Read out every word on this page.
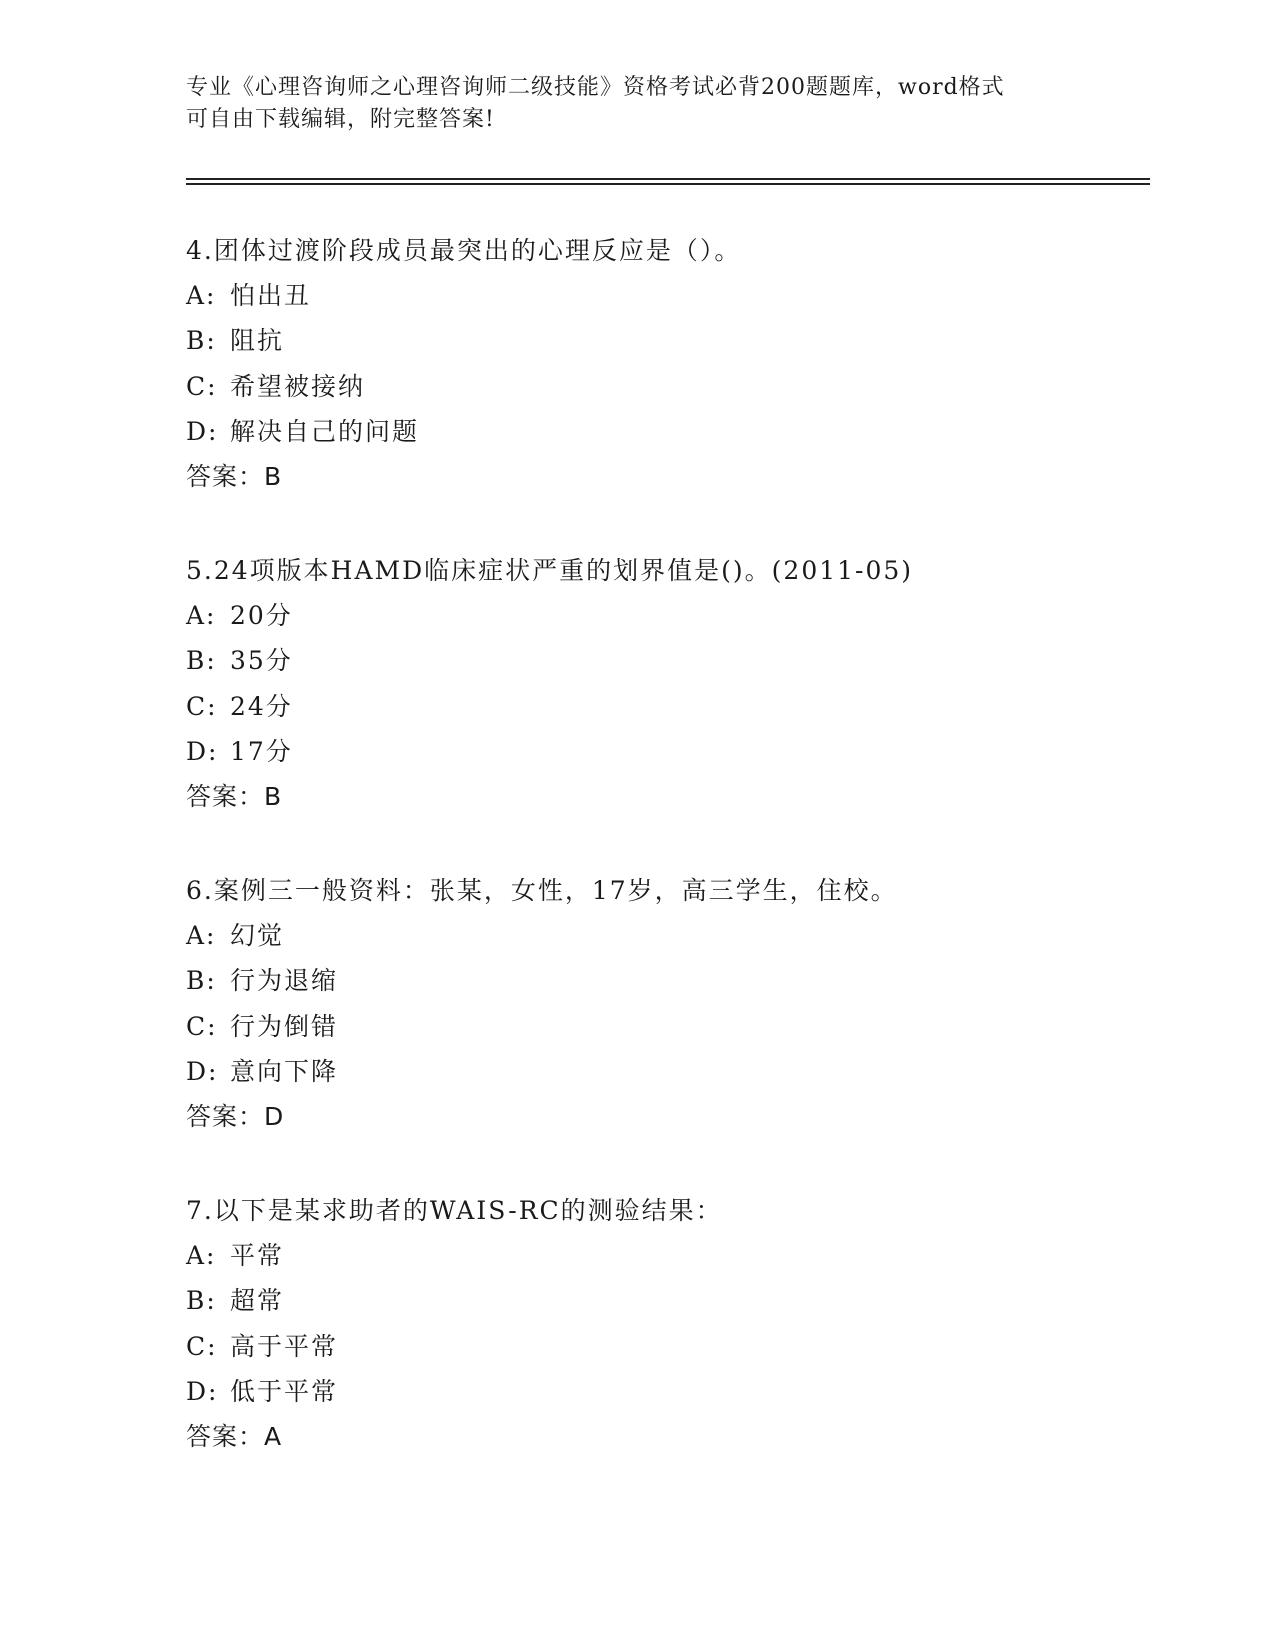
专业《心理咨询师之心理咨询师二级技能》资格考试必背200题题库，word格式
可自由下载编辑，附完整答案!
4.团体过渡阶段成员最突出的心理反应是（）。
A: 怕出丑
B: 阻抗
C: 希望被接纳
D: 解决自己的问题
答案：B
5.24项版本HAMD临床症状严重的划界值是()。(2011-05)
A: 20分
B: 35分
C: 24分
D: 17分
答案：B
6.案例三一般资料：张某，女性，17岁，高三学生，住校。
A: 幻觉
B: 行为退缩
C: 行为倒错
D: 意向下降
答案：D
7.以下是某求助者的WAIS-RC的测验结果：
A: 平常
B: 超常
C: 高于平常
D: 低于平常
答案：A
